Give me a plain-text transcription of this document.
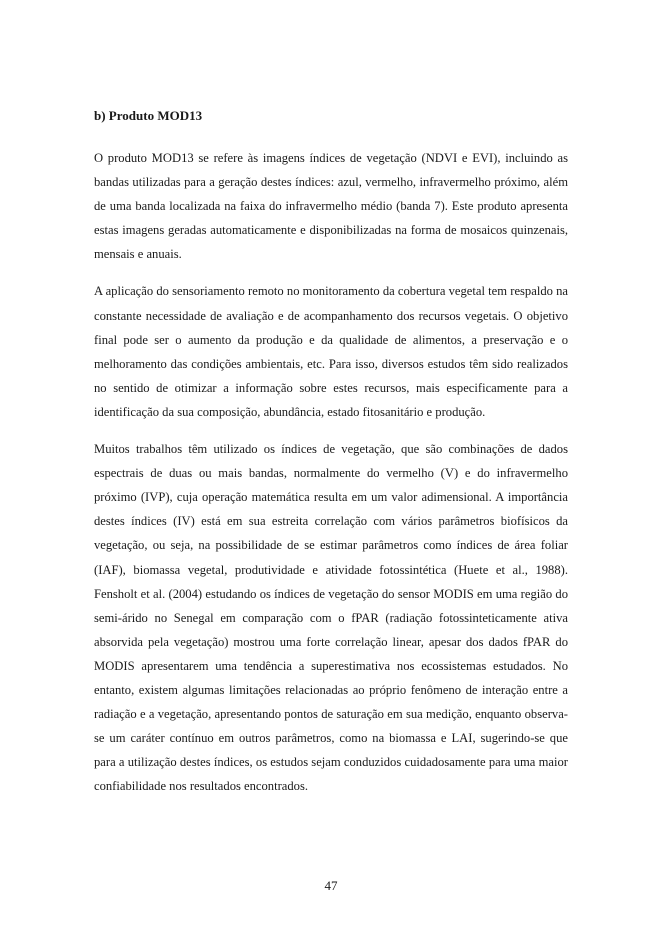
b) Produto MOD13

O produto MOD13 se refere às imagens índices de vegetação (NDVI e EVI), incluindo as bandas utilizadas para a geração destes índices: azul, vermelho, infravermelho próximo, além de uma banda localizada na faixa do infravermelho médio (banda 7). Este produto apresenta estas imagens geradas automaticamente e disponibilizadas na forma de mosaicos quinzenais, mensais e anuais.

A aplicação do sensoriamento remoto no monitoramento da cobertura vegetal tem respaldo na constante necessidade de avaliação e de acompanhamento dos recursos vegetais. O objetivo final pode ser o aumento da produção e da qualidade de alimentos, a preservação e o melhoramento das condições ambientais, etc. Para isso, diversos estudos têm sido realizados no sentido de otimizar a informação sobre estes recursos, mais especificamente para a identificação da sua composição, abundância, estado fitosanitário e produção.

Muitos trabalhos têm utilizado os índices de vegetação, que são combinações de dados espectrais de duas ou mais bandas, normalmente do vermelho (V) e do infravermelho próximo (IVP), cuja operação matemática resulta em um valor adimensional. A importância destes índices (IV) está em sua estreita correlação com vários parâmetros biofísicos da vegetação, ou seja, na possibilidade de se estimar parâmetros como índices de área foliar (IAF), biomassa vegetal, produtividade e atividade fotossintética (Huete et al., 1988). Fensholt et al. (2004) estudando os índices de vegetação do sensor MODIS em uma região do semi-árido no Senegal em comparação com o fPAR (radiação fotossinteticamente ativa absorvida pela vegetação) mostrou uma forte correlação linear, apesar dos dados fPAR do MODIS apresentarem uma tendência a superestimativa nos ecossistemas estudados. No entanto, existem algumas limitações relacionadas ao próprio fenômeno de interação entre a radiação e a vegetação, apresentando pontos de saturação em sua medição, enquanto observa-se um caráter contínuo em outros parâmetros, como na biomassa e LAI, sugerindo-se que para a utilização destes índices, os estudos sejam conduzidos cuidadosamente para uma maior confiabilidade nos resultados encontrados.

47
